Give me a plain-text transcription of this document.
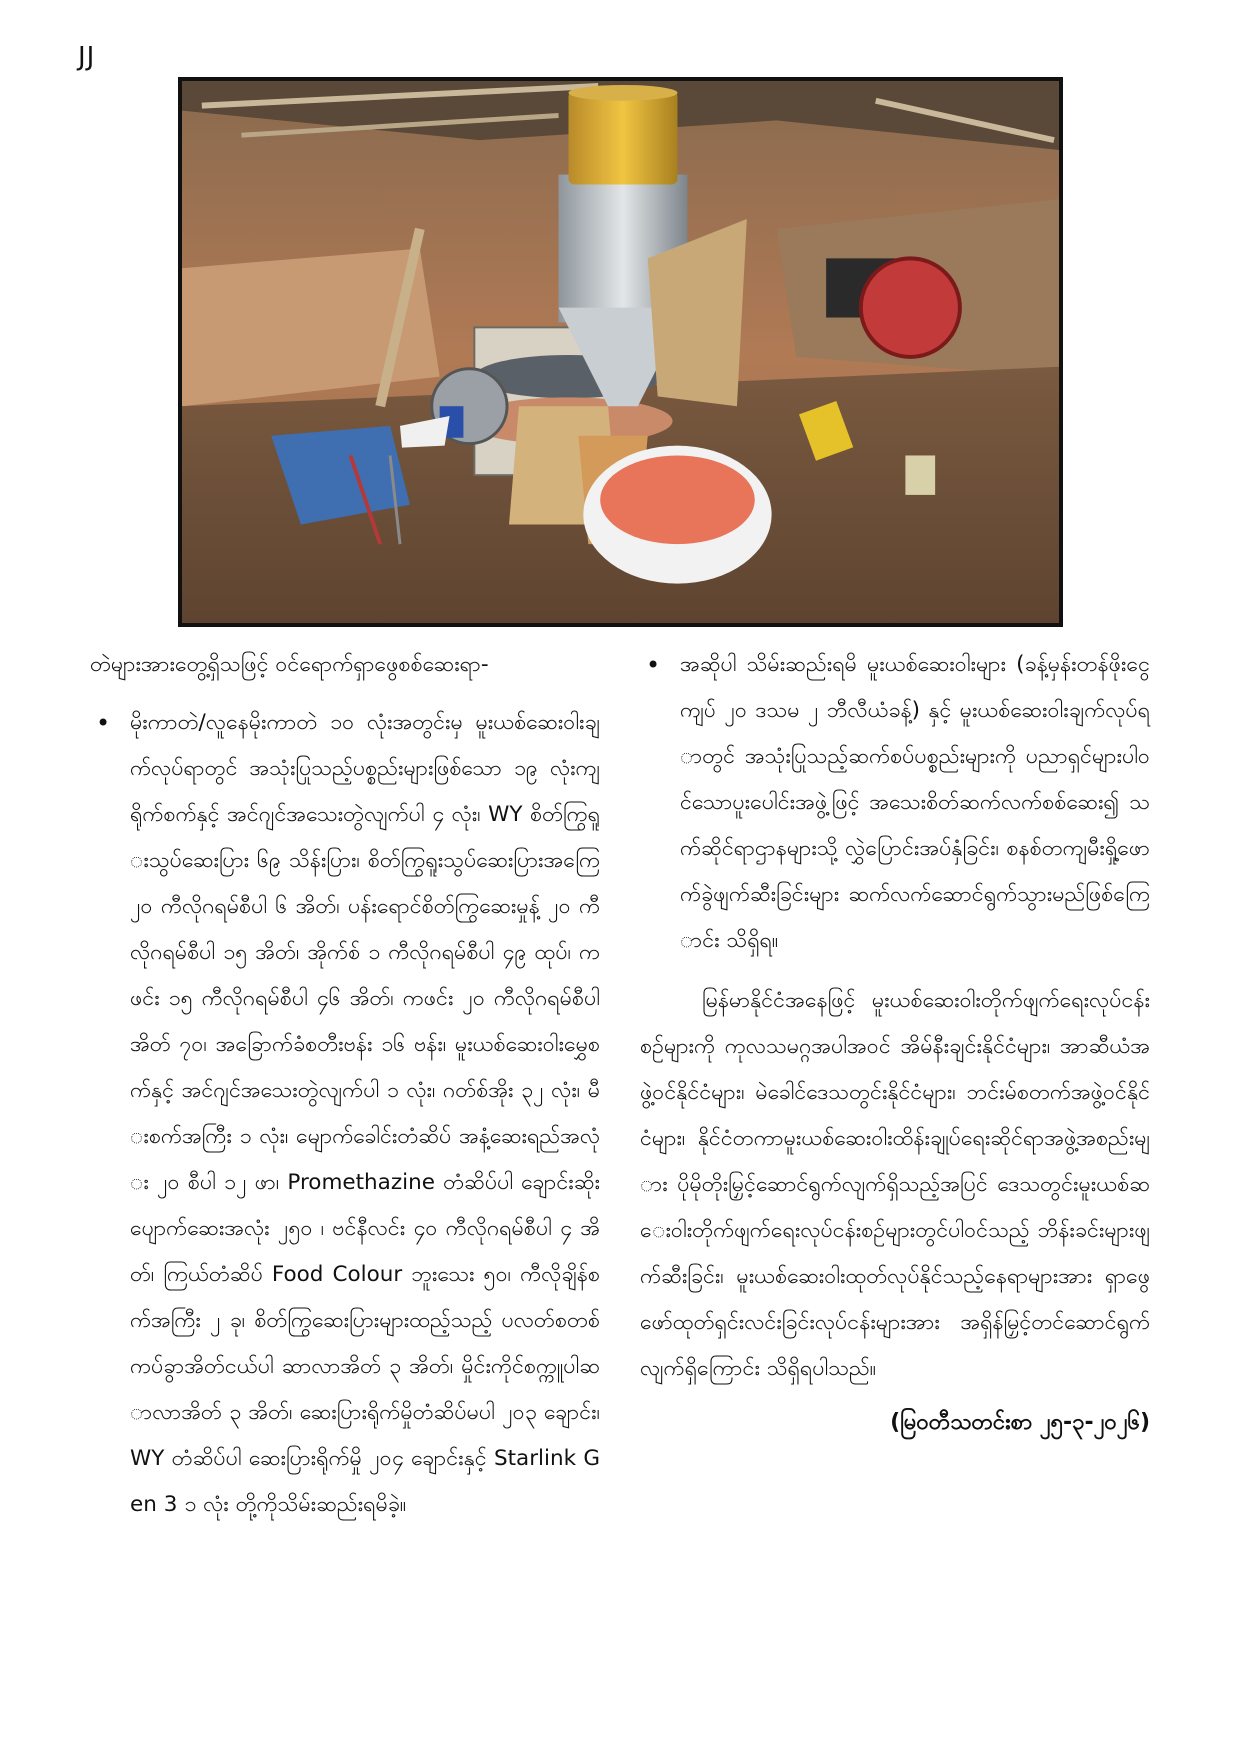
JJ

တဲများအားတွေ့ရှိသဖြင့် ဝင်ရောက်ရှာဖွေစစ်ဆေးရာ-

• မိုးကာတဲ/လူနေမိုးကာတဲ ၁၀ လုံးအတွင်းမှ မူးယစ်ဆေးဝါးချက်လုပ်ရာတွင် အသုံးပြုသည့်ပစ္စည်းများဖြစ်သော ၁၉ လုံးကျ ရိုက်စက်နှင့် အင်ဂျင်အသေးတွဲလျက်ပါ ၄ လုံး၊ WY စိတ်ကြွရူးသွပ်ဆေးပြား ၆၉ သိန်းပြား၊ စိတ်ကြွရူးသွပ်ဆေးပြားအကြေ ၂၀ ကီလိုဂရမ်စီပါ ၆ အိတ်၊ ပန်းရောင်စိတ်ကြွဆေးမှုန့် ၂၀ ကီလိုဂရမ်စီပါ ၁၅ အိတ်၊ အိုက်စ် ၁ ကီလိုဂရမ်စီပါ ၄၉ ထုပ်၊ ကဖင်း ၁၅ ကီလိုဂရမ်စီပါ ၄၆ အိတ်၊ ကဖင်း ၂၀ ကီလိုဂရမ်စီပါ အိတ် ၇၀၊ အခြောက်ခံစတီးဗန်း ၁၆ ဗန်း၊ မူးယစ်ဆေးဝါးမွှေစက်နှင့် အင်ဂျင်အသေးတွဲလျက်ပါ ၁ လုံး၊ ဂတ်စ်အိုး ၃၂ လုံး၊ မီးစက်အကြီး ၁ လုံး၊ မျောက်ခေါင်းတံဆိပ် အနံ့ဆေးရည်အလုံး ၂၀ စီပါ ၁၂ ဖာ၊ Promethazine တံဆိပ်ပါ ချောင်းဆိုးပျောက်ဆေးအလုံး ၂၅၀ ၊ ဗင်နီလင်း ၄၀ ကီလိုဂရမ်စီပါ ၄ အိတ်၊ ကြယ်တံဆိပ် Food Colour ဘူးသေး ၅၀၊ ကီလိုချိန်စက်အကြီး ၂ ခု၊ စိတ်ကြွဆေးပြားများထည့်သည့် ပလတ်စတစ်ကပ်ခွာအိတ်ငယ်ပါ ဆာလာအိတ် ၃ အိတ်၊ မှိုင်းကိုင်စက္ကူပါဆာလာအိတ် ၃ အိတ်၊ ဆေးပြားရိုက်မှိုတံဆိပ်မပါ ၂၀၃ ချောင်း၊ WY တံဆိပ်ပါ ဆေးပြားရိုက်မှို ၂၀၄ ချောင်းနှင့် Starlink Gen 3 ၁ လုံး တို့ကိုသိမ်းဆည်းရမိခဲ့။

• အဆိုပါ သိမ်းဆည်းရမိ မူးယစ်ဆေးဝါးများ (ခန့်မှန်းတန်ဖိုးငွေကျပ် ၂၀ ဒသမ ၂ ဘီလီယံခန့်) နှင့် မူးယစ်ဆေးဝါးချက်လုပ်ရာတွင် အသုံးပြုသည့်ဆက်စပ်ပစ္စည်းများကို ပညာရှင်များပါဝင်သောပူးပေါင်းအဖွဲ့ဖြင့် အသေးစိတ်ဆက်လက်စစ်ဆေး၍ သက်ဆိုင်ရာဌာနများသို့ လွှဲပြောင်းအပ်နှံခြင်း၊ စနစ်တကျမီးရှို့ဖောက်ခွဲဖျက်ဆီးခြင်းများ ဆက်လက်ဆောင်ရွက်သွားမည်ဖြစ်ကြောင်း သိရှိရ။

မြန်မာနိုင်ငံအနေဖြင့် မူးယစ်ဆေးဝါးတိုက်ဖျက်ရေးလုပ်ငန်းစဉ်များကို ကုလသမဂ္ဂအပါအဝင် အိမ်နီးချင်းနိုင်ငံများ၊ အာဆီယံအဖွဲ့ဝင်နိုင်ငံများ၊ မဲခေါင်ဒေသတွင်းနိုင်ငံများ၊ ဘင်းမ်စတက်အဖွဲ့ဝင်နိုင်ငံများ၊ နိုင်ငံတကာမူးယစ်ဆေးဝါးထိန်းချုပ်ရေးဆိုင်ရာအဖွဲ့အစည်းများ ပိုမိုတိုးမြှင့်ဆောင်ရွက်လျက်ရှိသည့်အပြင် ဒေသတွင်းမူးယစ်ဆေးဝါးတိုက်ဖျက်ရေးလုပ်ငန်းစဉ်များတွင်ပါဝင်သည့် ဘိန်းခင်းများဖျက်ဆီးခြင်း၊ မူးယစ်ဆေးဝါးထုတ်လုပ်နိုင်သည့်နေရာများအား ရှာဖွေဖော်ထုတ်ရှင်းလင်းခြင်းလုပ်ငန်းများအား အရှိန်မြှင့်တင်ဆောင်ရွက်လျက်ရှိကြောင်း သိရှိရပါသည်။

(မြဝတီသတင်းစာ ၂၅-၃-၂၀၂၆)
